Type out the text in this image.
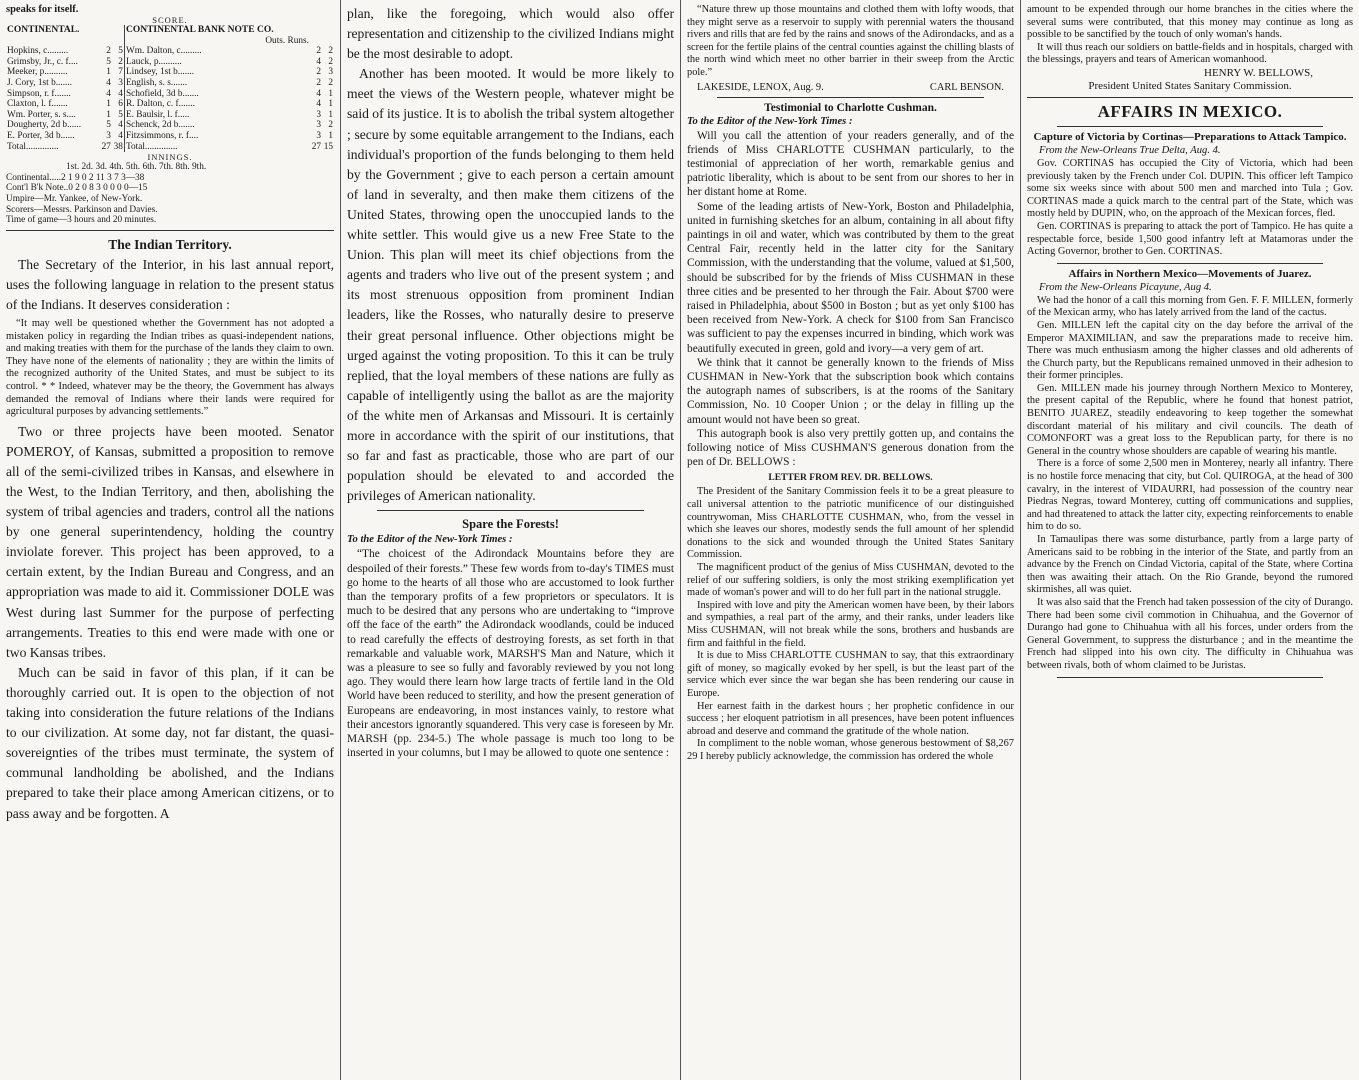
speaks for itself.
SCORE.
CONTINENTAL.			CONTINENTAL BANK NOTE CO.		
			Outs. Runs.		
Hopkins, c.........	2	5	Wm. Dalton, c.........	2	2
Grimsby, Jr., c. f....	5	2	Lauck, p..........	4	2
Meeker, p..........	1	7	Lindsey, 1st b.......	2	3
J. Cory, 1st b.......	4	3	English, s. s.......	2	2
Simpson, r. f.......	4	4	Schofield, 3d b.......	4	1
Claxton, l. f.......	1	6	R. Dalton, c. f.......	4	1
Wm. Porter, s. s....	1	5	E. Baulsir, l. f.....	3	1
Dougherty, 2d b......	5	4	Schenck, 2d b.......	3	2
E. Porter, 3d b......	3	4	Fitzsimmons, r. f....	3	1
Total..............	27	38	Total..............	27	15
INNINGS.
1st. 2d. 3d. 4th. 5th. 6th. 7th. 8th. 9th.
Continental.....2 1 9 0 2 11 3 7 3—38
Cont'l B'k Note..0 2 0 8 3 0 0 0 0—15
Umpire—Mr. Yankee, of New-York.
Scorers—Messrs. Parkinson and Davies.
Time of game—3 hours and 20 minutes.
The Indian Territory.

The Secretary of the Interior, in his last annual report, uses the following language in relation to the present status of the Indians. It deserves consideration :

“It may well be questioned whether the Government has not adopted a mistaken policy in regarding the Indian tribes as quasi-independent nations, and making treaties with them for the purchase of the lands they claim to own. They have none of the elements of nationality ; they are within the limits of the recognized authority of the United States, and must be subject to its control. * * Indeed, whatever may be the theory, the Government has always demanded the removal of Indians where their lands were required for agricultural purposes by advancing settlements.”

Two or three projects have been mooted. Senator POMEROY, of Kansas, submitted a proposition to remove all of the semi-civilized tribes in Kansas, and elsewhere in the West, to the Indian Territory, and then, abolishing the system of tribal agencies and traders, control all the nations by one general superintendency, holding the country inviolate forever. This project has been approved, to a certain extent, by the Indian Bureau and Congress, and an appropriation was made to aid it. Commissioner DOLE was West during last Summer for the purpose of perfecting arrangements. Treaties to this end were made with one or two Kansas tribes.

Much can be said in favor of this plan, if it can be thoroughly carried out. It is open to the objection of not taking into consideration the future relations of the Indians to our civilization. At some day, not far distant, the quasi-sovereignties of the tribes must terminate, the system of communal landholding be abolished, and the Indians prepared to take their place among American citizens, or to pass away and be forgotten. A

plan, like the foregoing, which would also offer representation and citizenship to the civilized Indians might be the most desirable to adopt.

Another has been mooted. It would be more likely to meet the views of the Western people, whatever might be said of its justice. It is to abolish the tribal system altogether ; secure by some equitable arrangement to the Indians, each individual's proportion of the funds belonging to them held by the Government ; give to each person a certain amount of land in severalty, and then make them citizens of the United States, throwing open the unoccupied lands to the white settler. This would give us a new Free State to the Union. This plan will meet its chief objections from the agents and traders who live out of the present system ; and its most strenuous opposition from prominent Indian leaders, like the Rosses, who naturally desire to preserve their great personal influence. Other objections might be urged against the voting proposition. To this it can be truly replied, that the loyal members of these nations are fully as capable of intelligently using the ballot as are the majority of the white men of Arkansas and Missouri. It is certainly more in accordance with the spirit of our institutions, that so far and fast as practicable, those who are part of our population should be elevated to and accorded the privileges of American nationality.

Spare the Forests!
To the Editor of the New-York Times :

“The choicest of the Adirondack Mountains before they are despoiled of their forests.” These few words from to-day's TIMES must go home to the hearts of all those who are accustomed to look further than the temporary profits of a few proprietors or speculators. It is much to be desired that any persons who are undertaking to “improve off the face of the earth” the Adirondack woodlands, could be induced to read carefully the effects of destroying forests, as set forth in that remarkable and valuable work, MARSH'S Man and Nature, which it was a pleasure to see so fully and favorably reviewed by you not long ago. They would there learn how large tracts of fertile land in the Old World have been reduced to sterility, and how the present generation of Europeans are endeavoring, in most instances vainly, to restore what their ancestors ignorantly squandered. This very case is foreseen by Mr. MARSH (pp. 234-5.) The whole passage is much too long to be inserted in your columns, but I may be allowed to quote one sentence :

“Nature threw up those mountains and clothed them with lofty woods, that they might serve as a reservoir to supply with perennial waters the thousand rivers and rills that are fed by the rains and snows of the Adirondacks, and as a screen for the fertile plains of the central counties against the chilling blasts of the north wind which meet no other barrier in their sweep from the Arctic pole.”

LAKESIDE, LENOX, Aug. 9.	CARL BENSON.
Testimonial to Charlotte Cushman.
To the Editor of the New-York Times :

Will you call the attention of your readers generally, and of the friends of Miss CHARLOTTE CUSHMAN particularly, to the testimonial of appreciation of her worth, remarkable genius and patriotic liberality, which is about to be sent from our shores to her in her distant home at Rome.

Some of the leading artists of New-York, Boston and Philadelphia, united in furnishing sketches for an album, containing in all about fifty paintings in oil and water, which was contributed by them to the great Central Fair, recently held in the latter city for the Sanitary Commission, with the understanding that the volume, valued at $1,500, should be subscribed for by the friends of Miss CUSHMAN in these three cities and be presented to her through the Fair. About $700 were raised in Philadelphia, about $500 in Boston ; but as yet only $100 has been received from New-York. A check for $100 from San Francisco was sufficient to pay the expenses incurred in binding, which work was beautifully executed in green, gold and ivory—a very gem of art.

We think that it cannot be generally known to the friends of Miss CUSHMAN in New-York that the subscription book which contains the autograph names of subscribers, is at the rooms of the Sanitary Commission, No. 10 Cooper Union ; or the delay in filling up the amount would not have been so great.

This autograph book is also very prettily gotten up, and contains the following notice of Miss CUSHMAN'S generous donation from the pen of Dr. BELLOWS :

LETTER FROM REV. DR. BELLOWS.

The President of the Sanitary Commission feels it to be a great pleasure to call universal attention to the patriotic munificence of our distinguished countrywoman, Miss CHARLOTTE CUSHMAN, who, from the vessel in which she leaves our shores, modestly sends the full amount of her splendid donations to the sick and wounded through the United States Sanitary Commission.

The magnificent product of the genius of Miss CUSHMAN, devoted to the relief of our suffering soldiers, is only the most striking exemplification yet made of woman's power and will to do her full part in the national struggle.

Inspired with love and pity the American women have been, by their labors and sympathies, a real part of the army, and their ranks, under leaders like Miss CUSHMAN, will not break while the sons, brothers and husbands are firm and faithful in the field.

It is due to Miss CHARLOTTE CUSHMAN to say, that this extraordinary gift of money, so magically evoked by her spell, is but the least part of the service which ever since the war began she has been rendering our cause in Europe.

Her earnest faith in the darkest hours ; her prophetic confidence in our success ; her eloquent patriotism in all presences, have been potent influences abroad and deserve and command the gratitude of the whole nation.

In compliment to the noble woman, whose generous bestowment of $8,267 29 I hereby publicly acknowledge, the commission has ordered the whole

amount to be expended through our home branches in the cities where the several sums were contributed, that this money may continue as long as possible to be sanctified by the touch of only woman's hands.

It will thus reach our soldiers on battle-fields and in hospitals, charged with the blessings, prayers and tears of American womanhood.

HENRY W. BELLOWS,
President United States Sanitary Commission.
AFFAIRS IN MEXICO.
Capture of Victoria by Cortinas—Preparations to Attack Tampico.
From the New-Orleans True Delta, Aug. 4.

Gov. CORTINAS has occupied the City of Victoria, which had been previously taken by the French under Col. DUPIN. This officer left Tampico some six weeks since with about 500 men and marched into Tula ; Gov. CORTINAS made a quick march to the central part of the State, which was mostly held by DUPIN, who, on the approach of the Mexican forces, fled.

Gen. CORTINAS is preparing to attack the port of Tampico. He has quite a respectable force, beside 1,500 good infantry left at Matamoras under the Acting Governor, brother to Gen. CORTINAS.

Affairs in Northern Mexico—Movements of Juarez.
From the New-Orleans Picayune, Aug 4.

We had the honor of a call this morning from Gen. F. F. MILLEN, formerly of the Mexican army, who has lately arrived from the land of the cactus.

Gen. MILLEN left the capital city on the day before the arrival of the Emperor MAXIMILIAN, and saw the preparations made to receive him. There was much enthusiasm among the higher classes and old adherents of the Church party, but the Republicans remained unmoved in their adhesion to their former principles.

Gen. MILLEN made his journey through Northern Mexico to Monterey, the present capital of the Republic, where he found that honest patriot, BENITO JUAREZ, steadily endeavoring to keep together the somewhat discordant material of his military and civil councils. The death of COMONFORT was a great loss to the Republican party, for there is no General in the country whose shoulders are capable of wearing his mantle.

There is a force of some 2,500 men in Monterey, nearly all infantry. There is no hostile force menacing that city, but Col. QUIROGA, at the head of 300 cavalry, in the interest of VIDAURRI, had possession of the country near Piedras Negras, toward Monterey, cutting off communications and supplies, and had threatened to attack the latter city, expecting reinforcements to enable him to do so.

In Tamaulipas there was some disturbance, partly from a large party of Americans said to be robbing in the interior of the State, and partly from an advance by the French on Cindad Victoria, capital of the State, where Cortina then was awaiting their attach. On the Rio Grande, beyond the rumored skirmishes, all was quiet.

It was also said that the French had taken possession of the city of Durango. There had been some civil commotion in Chihuahua, and the Governor of Durango had gone to Chihuahua with all his forces, under orders from the General Government, to suppress the disturbance ; and in the meantime the French had slipped into his own city. The difficulty in Chihuahua was between rivals, both of whom claimed to be Juristas.
